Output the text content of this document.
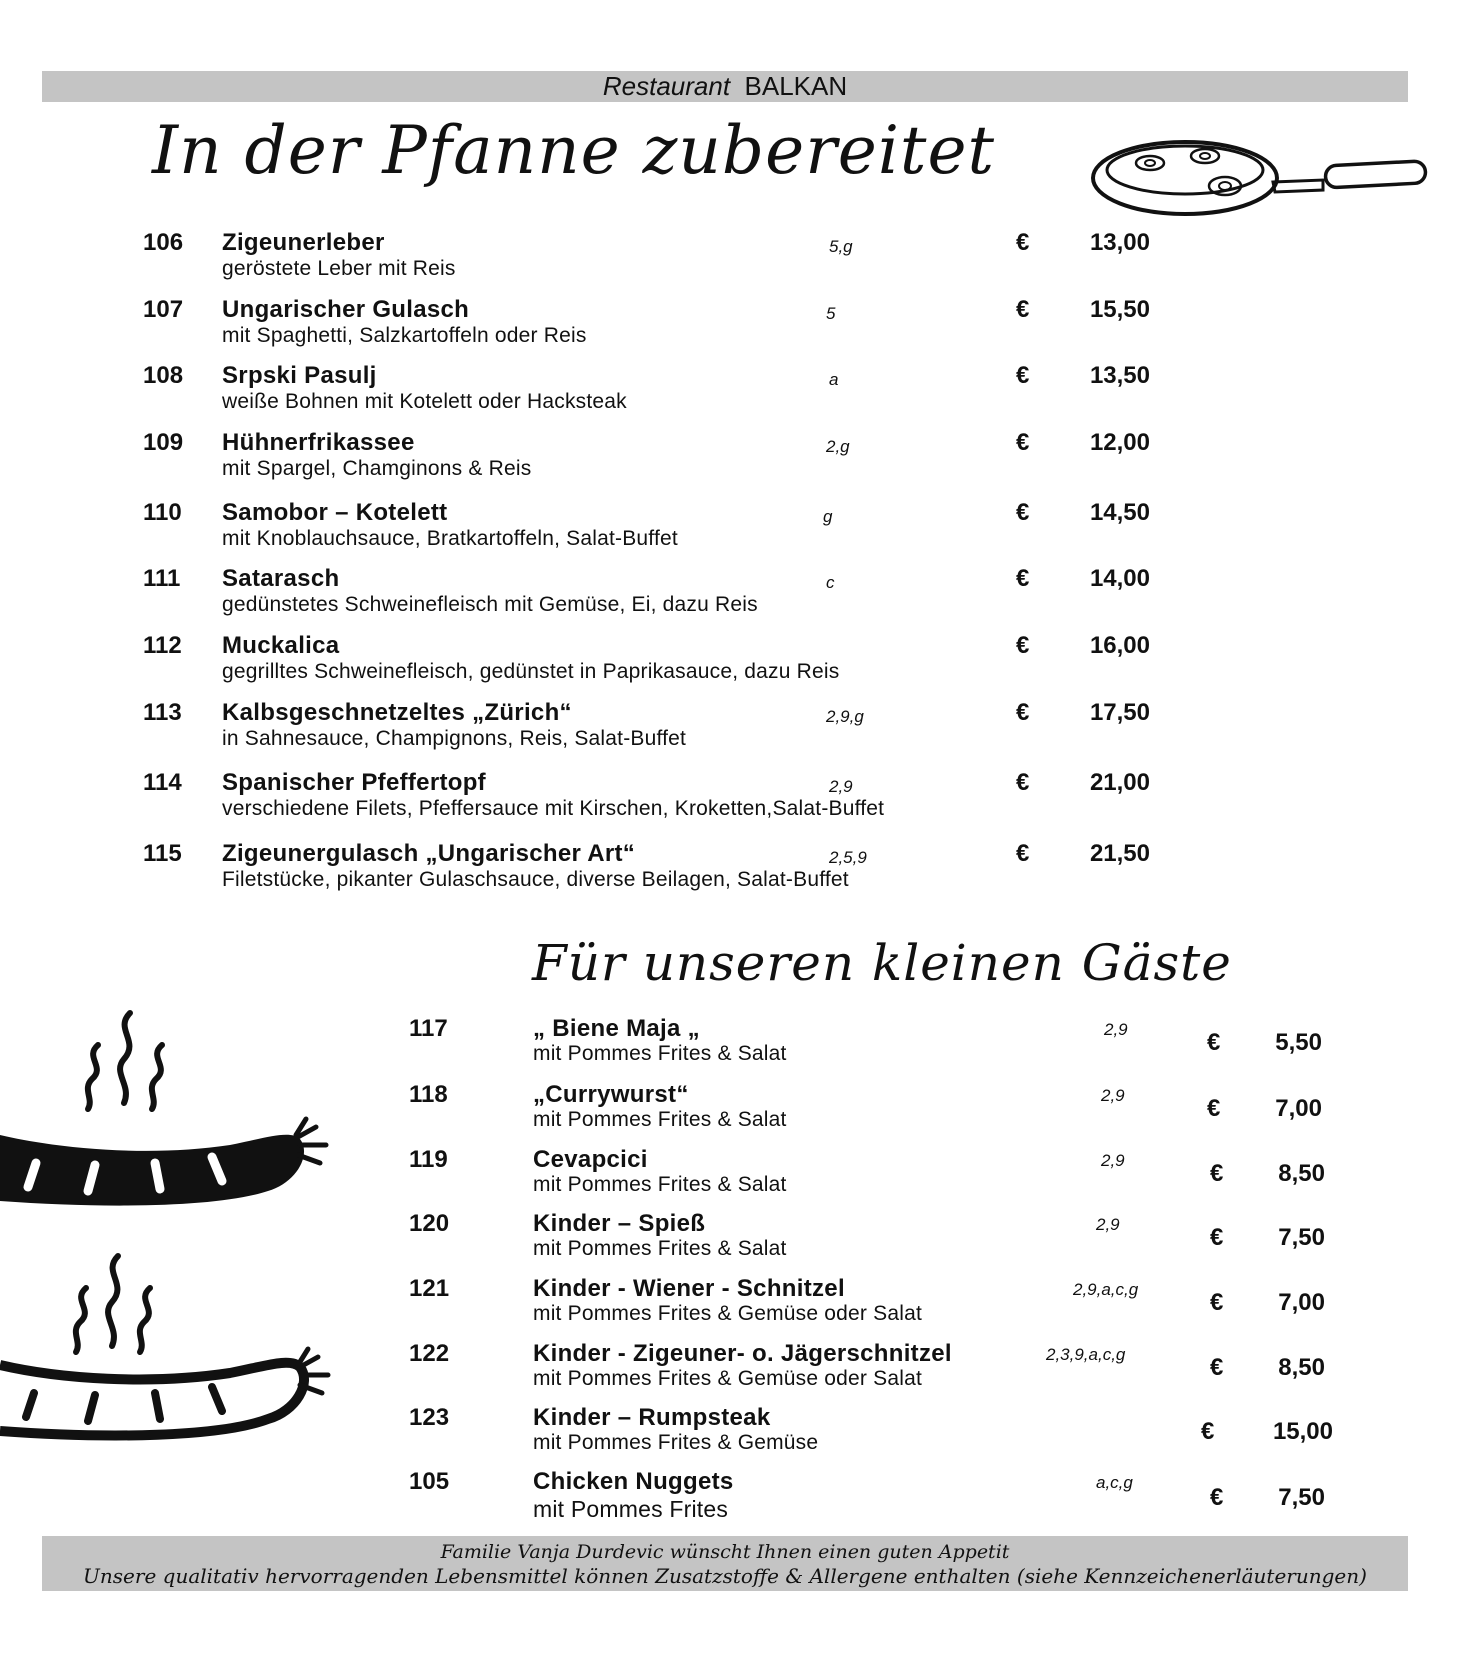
Restaurant BALKAN
In der Pfanne zubereitet
106 Zigeunerleber
geröstete Leber mit Reis
5,g	€	13,00
107 Ungarischer Gulasch
mit Spaghetti, Salzkartoffeln oder Reis
5	€	15,50
108 Srpski Pasulj
weiße Bohnen mit Kotelett oder Hacksteak
a	€	13,50
109 Hühnerfrikassee
mit Spargel, Chamginons & Reis
2,g	€	12,00
110 Samobor – Kotelett
mit Knoblauchsauce, Bratkartoffeln, Salat-Buffet
g	€	14,50
111 Satarasch
gedünstetes Schweinefleisch mit Gemüse, Ei, dazu Reis
c	€	14,00
112 Muckalica
gegrilltes Schweinefleisch, gedünstet in Paprikasauce, dazu Reis
€	16,00
113 Kalbsgeschnetzeltes „Zürich“
in Sahnesauce, Champignons, Reis, Salat-Buffet
2,9,g	€	17,50
114 Spanischer Pfeffertopf
verschiedene Filets, Pfeffersauce mit Kirschen, Kroketten,Salat-Buffet
2,9	€	21,00
115 Zigeunergulasch „Ungarischer Art“
Filetstücke, pikanter Gulaschsauce, diverse Beilagen, Salat-Buffet
2,5,9	€	21,50
Für unseren kleinen Gäste
117	„ Biene Maja „
mit Pommes Frites & Salat
2,9	€	5,50
118	„Currywurst“
mit Pommes Frites & Salat
2,9	€	7,00
119	Cevapcici
mit Pommes Frites & Salat
2,9	€	8,50
120	Kinder – Spieß
mit Pommes Frites & Salat
2,9	€	7,50
121	Kinder - Wiener - Schnitzel
mit Pommes Frites & Gemüse oder Salat
2,9,a,c,g	€	7,00
122	Kinder - Zigeuner- o. Jägerschnitzel
mit Pommes Frites & Gemüse oder Salat
2,3,9,a,c,g	€	8,50
123	Kinder – Rumpsteak
mit Pommes Frites & Gemüse	€	15,00
105	Chicken Nuggets
mit Pommes Frites
a,c,g
€	7,50
Familie Vanja Durdevic wünscht Ihnen einen guten Appetit
Unsere qualitativ hervorragenden Lebensmittel können Zusatzstoffe & Allergene enthalten (siehe Kennzeichenerläuterungen)
